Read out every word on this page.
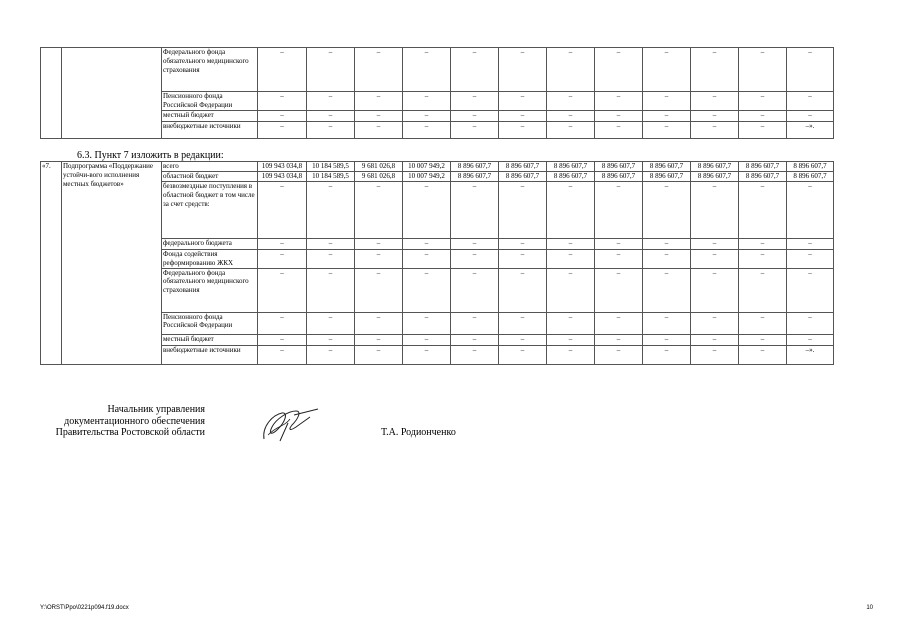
		Федерального фонда обязательного медицинского страхования	–	–	–	–	–	–	–	–	–	–	–	–
		Пенсионного фонда Российской Федерации	–	–	–	–	–	–	–	–	–	–	–	–
		местный бюджет	–	–	–	–	–	–	–	–	–	–	–	–
		внебюджетные источники	–	–	–	–	–	–	–	–	–	–	–	–».
6.3. Пункт 7 изложить в редакции:
«7.	Подпрограмма «Поддержание устойчи-вого исполнения местных бюджетов»	всего	109 943 034,8	10 184 589,5	9 681 026,8	10 007 949,2	8 896 607,7	8 896 607,7	8 896 607,7	8 896 607,7	8 896 607,7	8 896 607,7	8 896 607,7	8 896 607,7
		областной бюджет	109 943 034,8	10 184 589,5	9 681 026,8	10 007 949,2	8 896 607,7	8 896 607,7	8 896 607,7	8 896 607,7	8 896 607,7	8 896 607,7	8 896 607,7	8 896 607,7
		безвозмездные поступления в областной бюджет в том числе за счет средств:	–	–	–	–	–	–	–	–	–	–	–	–
		федерального бюджета	–	–	–	–	–	–	–	–	–	–	–	–
		Фонда содействия реформированию ЖКХ	–	–	–	–	–	–	–	–	–	–	–	–
		Федерального фонда обязательного медицинского страхования	–	–	–	–	–	–	–	–	–	–	–	–
		Пенсионного фонда Российской Федерации	–	–	–	–	–	–	–	–	–	–	–	–
		местный бюджет	–	–	–	–	–	–	–	–	–	–	–	–
		внебюджетные источники	–	–	–	–	–	–	–	–	–	–	–	–».
Начальник управления
документационного обеспечения
Правительства Ростовской области	Т.А. Родионченко
Y:\ORST\Ppo\0221p094.f19.docx	10
